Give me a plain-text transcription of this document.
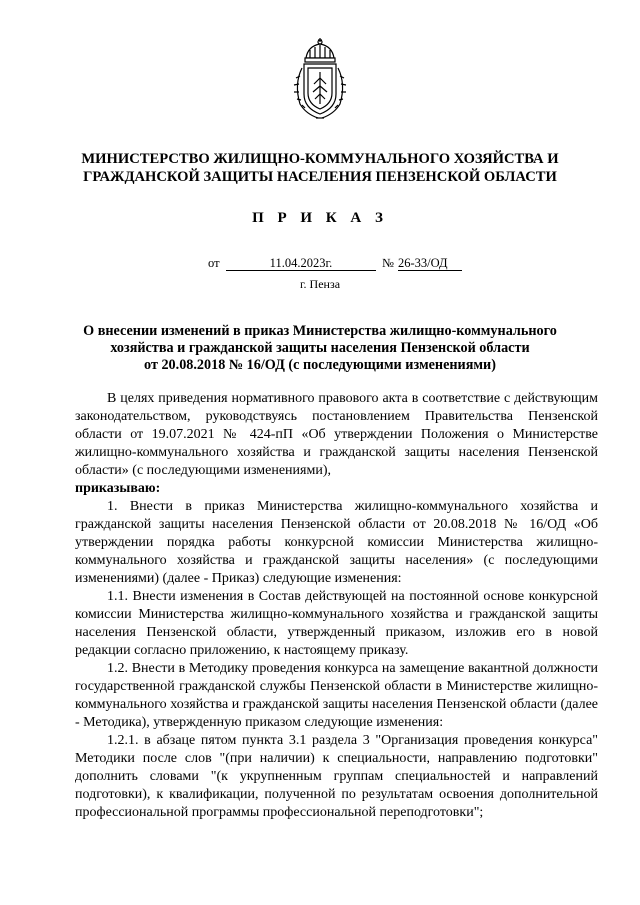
МИНИСТЕРСТВО ЖИЛИЩНО-КОММУНАЛЬНОГО ХОЗЯЙСТВА И
ГРАЖДАНСКОЙ ЗАЩИТЫ НАСЕЛЕНИЯ ПЕНЗЕНСКОЙ ОБЛАСТИ
П Р И К А З
от	11.04.2023г.	№ 26-33/ОД
г. Пенза
О внесении изменений в приказ Министерства жилищно-коммунального
хозяйства и гражданской защиты населения Пензенской области
от 20.08.2018 № 16/ОД (с последующими изменениями)

В целях приведения нормативного правового акта в соответствие с действующим законодательством, руководствуясь постановлением Правительства Пензенской области от 19.07.2021 № 424-пП «Об утверждении Положения о Министерстве жилищно-коммунального хозяйства и гражданской защиты населения Пензенской области» (с последующими изменениями),
приказываю:

1. Внести в приказ Министерства жилищно-коммунального хозяйства и гражданской защиты населения Пензенской области от 20.08.2018 № 16/ОД «Об утверждении порядка работы конкурсной комиссии Министерства жилищно-коммунального хозяйства и гражданской защиты населения» (с последующими изменениями) (далее - Приказ) следующие изменения:

1.1. Внести изменения в Состав действующей на постоянной основе конкурсной комиссии Министерства жилищно-коммунального хозяйства и гражданской защиты населения Пензенской области, утвержденный приказом, изложив его в новой редакции согласно приложению, к настоящему приказу.

1.2. Внести в Методику проведения конкурса на замещение вакантной должности государственной гражданской службы Пензенской области в Министерстве жилищно-коммунального хозяйства и гражданской защиты населения Пензенской области (далее - Методика), утвержденную приказом следующие изменения:

1.2.1. в абзаце пятом пункта 3.1 раздела 3 "Организация проведения конкурса" Методики после слов "(при наличии) к специальности, направлению подготовки" дополнить словами "(к укрупненным группам специальностей и направлений подготовки), к квалификации, полученной по результатам освоения дополнительной профессиональной программы профессиональной переподготовки";
